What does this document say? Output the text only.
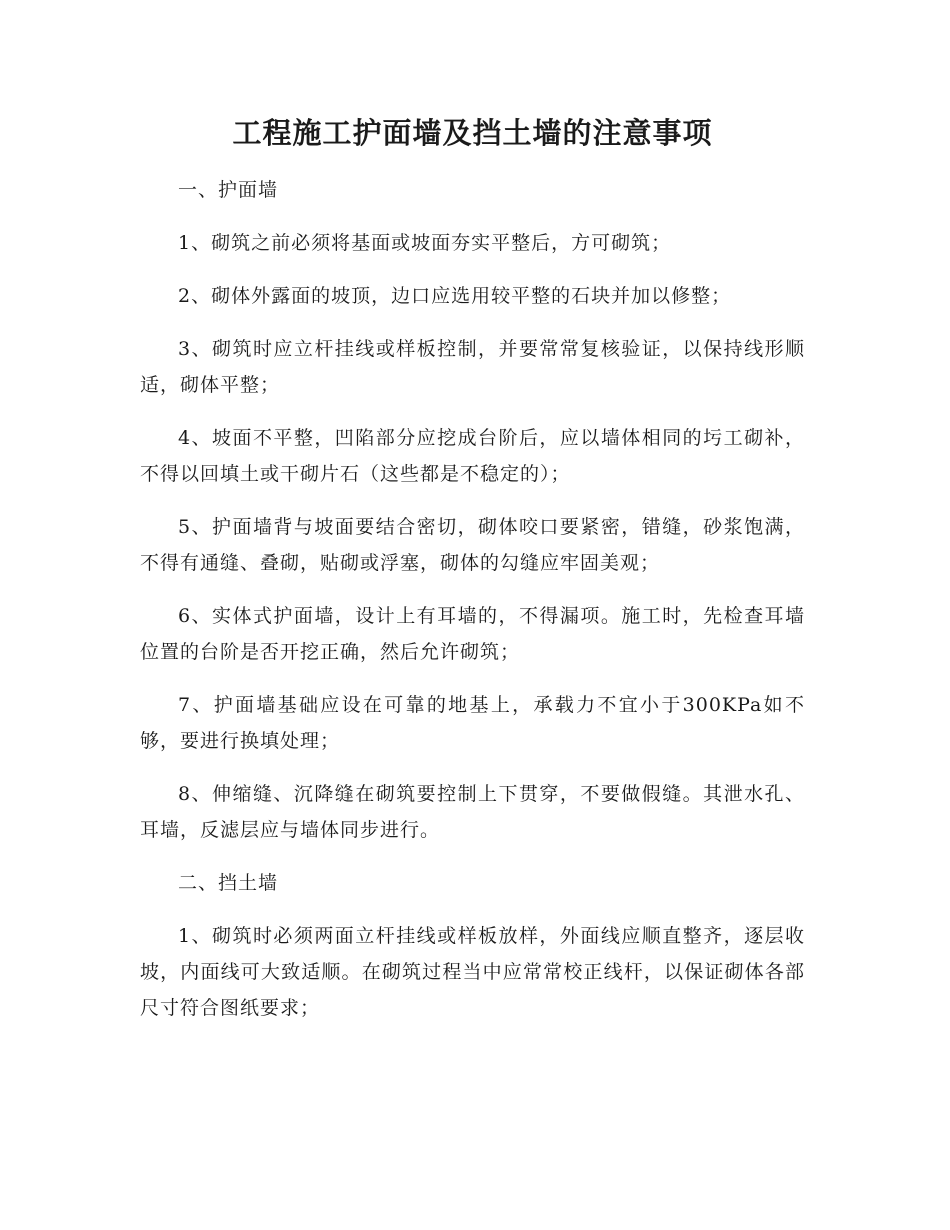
工程施工护面墙及挡土墙的注意事项

一、护面墙

1、砌筑之前必须将基面或坡面夯实平整后，方可砌筑；

2、砌体外露面的坡顶，边口应选用较平整的石块并加以修整；

3、砌筑时应立杆挂线或样板控制，并要常常复核验证，以保持线形顺适，砌体平整；

4、坡面不平整，凹陷部分应挖成台阶后，应以墙体相同的圬工砌补，不得以回填土或干砌片石（这些都是不稳定的）；

5、护面墙背与坡面要结合密切，砌体咬口要紧密，错缝，砂浆饱满，不得有通缝、叠砌，贴砌或浮塞，砌体的勾缝应牢固美观；

6、实体式护面墙，设计上有耳墙的，不得漏项。施工时，先检查耳墙位置的台阶是否开挖正确，然后允许砌筑；

7、护面墙基础应设在可靠的地基上，承载力不宜小于300KPa如不够，要进行换填处理；

8、伸缩缝、沉降缝在砌筑要控制上下贯穿，不要做假缝。其泄水孔、耳墙，反滤层应与墙体同步进行。

二、挡土墙

1、砌筑时必须两面立杆挂线或样板放样，外面线应顺直整齐，逐层收坡，内面线可大致适顺。在砌筑过程当中应常常校正线杆，以保证砌体各部尺寸符合图纸要求；
